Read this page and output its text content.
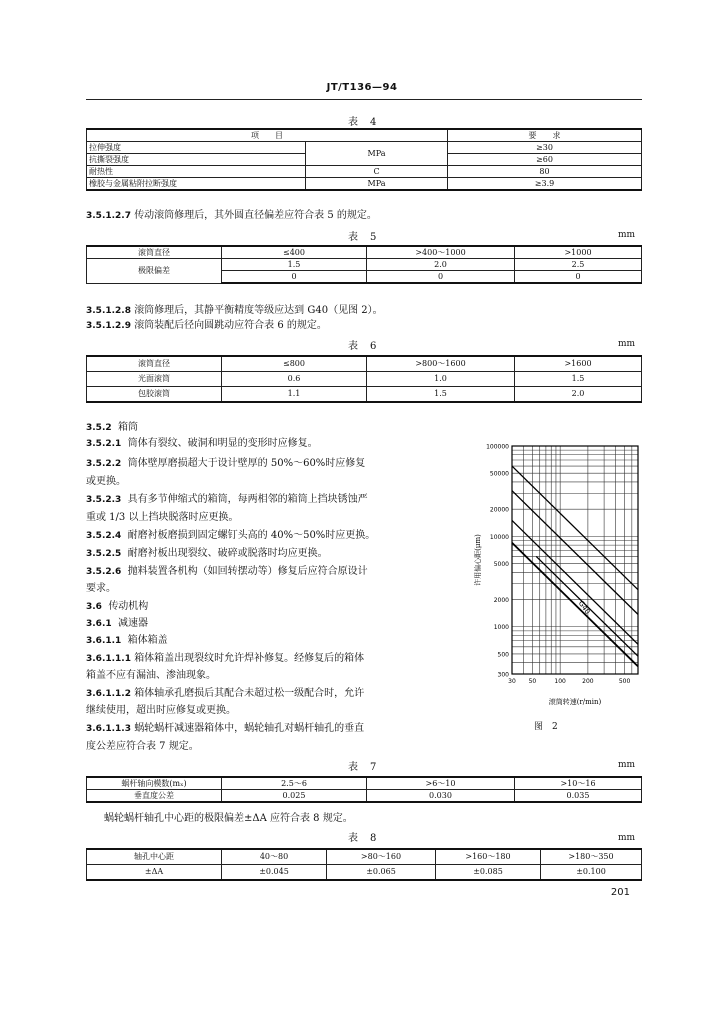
JT/T136—94
表　4
项　　目		要　　求
拉伸强度	MPa	≥30
抗撕裂强度		≥60
耐热性	C	80
橡胶与金属粘附拉断强度	MPa	≥3.9
3.5.1.2.7 传动滚筒修理后，其外圆直径偏差应符合表 5 的规定。
表　5	mm
滚筒直径	≤400	>400～1000	>1000
极限偏差	1.5	2.0	2.5
	0	0	0
3.5.1.2.8 滚筒修理后，其静平衡精度等级应达到 G40（见图 2）。
3.5.1.2.9 滚筒装配后径向圆跳动应符合表 6 的规定。
表　6	mm
滚筒直径	≤800	>800～1600	>1600
光面滚筒	0.6	1.0	1.5
包胶滚筒	1.1	1.5	2.0
3.5.2 箱筒
3.5.2.1 筒体有裂纹、破洞和明显的变形时应修复。
3.5.2.2 筒体壁厚磨损超大于设计壁厚的 50%～60%时应修复
或更换。
3.5.2.3 具有多节伸缩式的箱筒，每两相邻的箱筒上挡块锈蚀严
重或 1/3 以上挡块脱落时应更换。
3.5.2.4 耐磨衬板磨损到固定螺钉头高的 40%～50%时应更换。
3.5.2.5 耐磨衬板出现裂纹、破碎或脱落时均应更换。
3.5.2.6 抛料装置各机构（如回转摆动等）修复后应符合原设计
要求。
3.6 传动机构
3.6.1 减速器
3.6.1.1 箱体箱盖
3.6.1.1.1 箱体箱盖出现裂纹时允许焊补修复。经修复后的箱体
箱盖不应有漏油、渗油现象。
3.6.1.1.2 箱体轴承孔磨损后其配合未超过松一级配合时，允许
继续使用，超出时应修复或更换。
3.6.1.1.3 蜗轮蜗杆减速器箱体中，蜗轮轴孔对蜗杆轴孔的垂直
度公差应符合表 7 规定。
G40
100000
50000
20000
10000
5000
2000
1000
500
300
30 50	100	200	500
滚筒转速(r/min)
许用偏心距(μm)
图　2
表　7	mm
蜗杆轴向模数(mₓ)	2.5～6	>6～10	>10～16
垂直度公差	0.025	0.030	0.035
蜗轮蜗杆轴孔中心距的极限偏差±ΔA 应符合表 8 规定。
表　8	mm
轴孔中心距	40～80	>80～160	>160～180	>180～350
±ΔA	±0.045	±0.065	±0.085	±0.100
201
